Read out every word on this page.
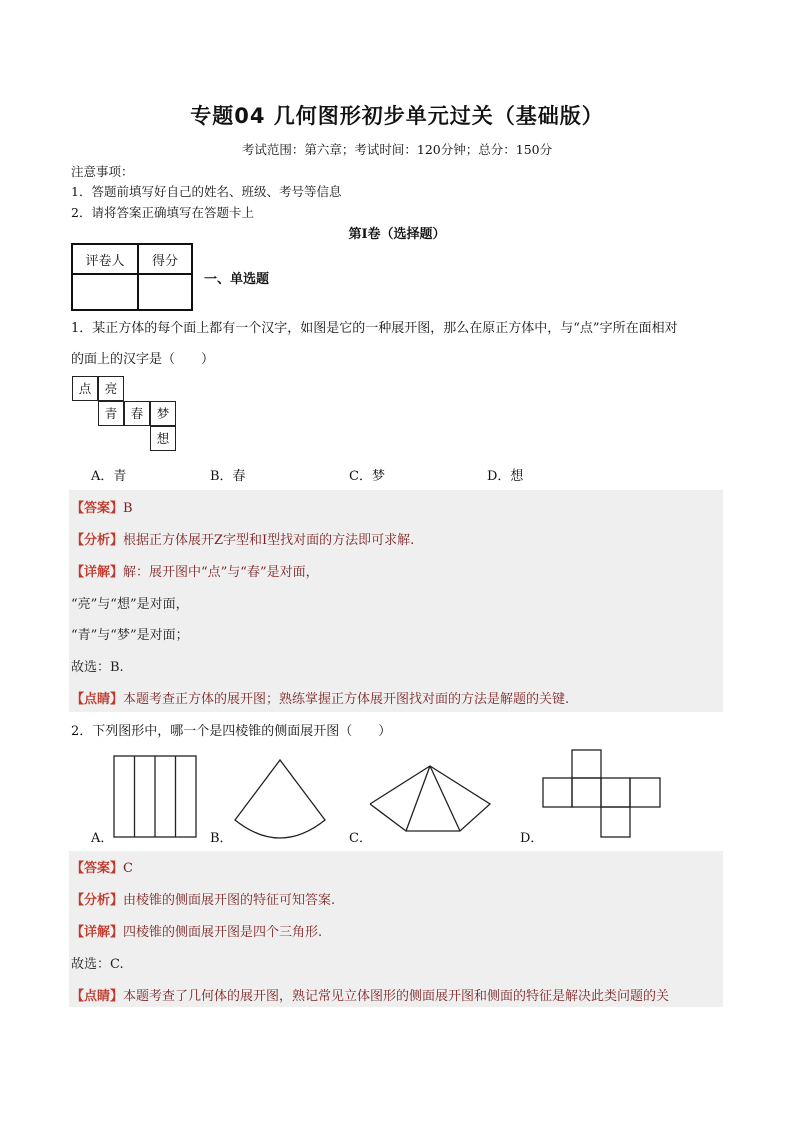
专题04 几何图形初步单元过关（基础版）
考试范围：第六章；考试时间：120分钟；总分：150分
注意事项：
1．答题前填写好自己的姓名、班级、考号等信息
2．请将答案正确填写在答题卡上
第Ⅰ卷（选择题）
评卷人	得分

一、单选题
1．某正方体的每个面上都有一个汉字，如图是它的一种展开图，那么在原正方体中，与“点”字所在面相对
的面上的汉字是（　　）
点	亮
青	春	梦
想
A．青	B．春	C．梦	D．想
【答案】B
【分析】根据正方体展开Z字型和I型找对面的方法即可求解.
【详解】解：展开图中“点”与“春”是对面，
“亮”与“想”是对面，
“青”与“梦”是对面；
故选：B.
【点睛】本题考查正方体的展开图；熟练掌握正方体展开图找对面的方法是解题的关键.
2．下列图形中，哪一个是四棱锥的侧面展开图（　　）
A．	B．	C．	D．
【答案】C
【分析】由棱锥的侧面展开图的特征可知答案.
【详解】四棱锥的侧面展开图是四个三角形.
故选：C.
【点睛】本题考查了几何体的展开图，熟记常见立体图形的侧面展开图和侧面的特征是解决此类问题的关
